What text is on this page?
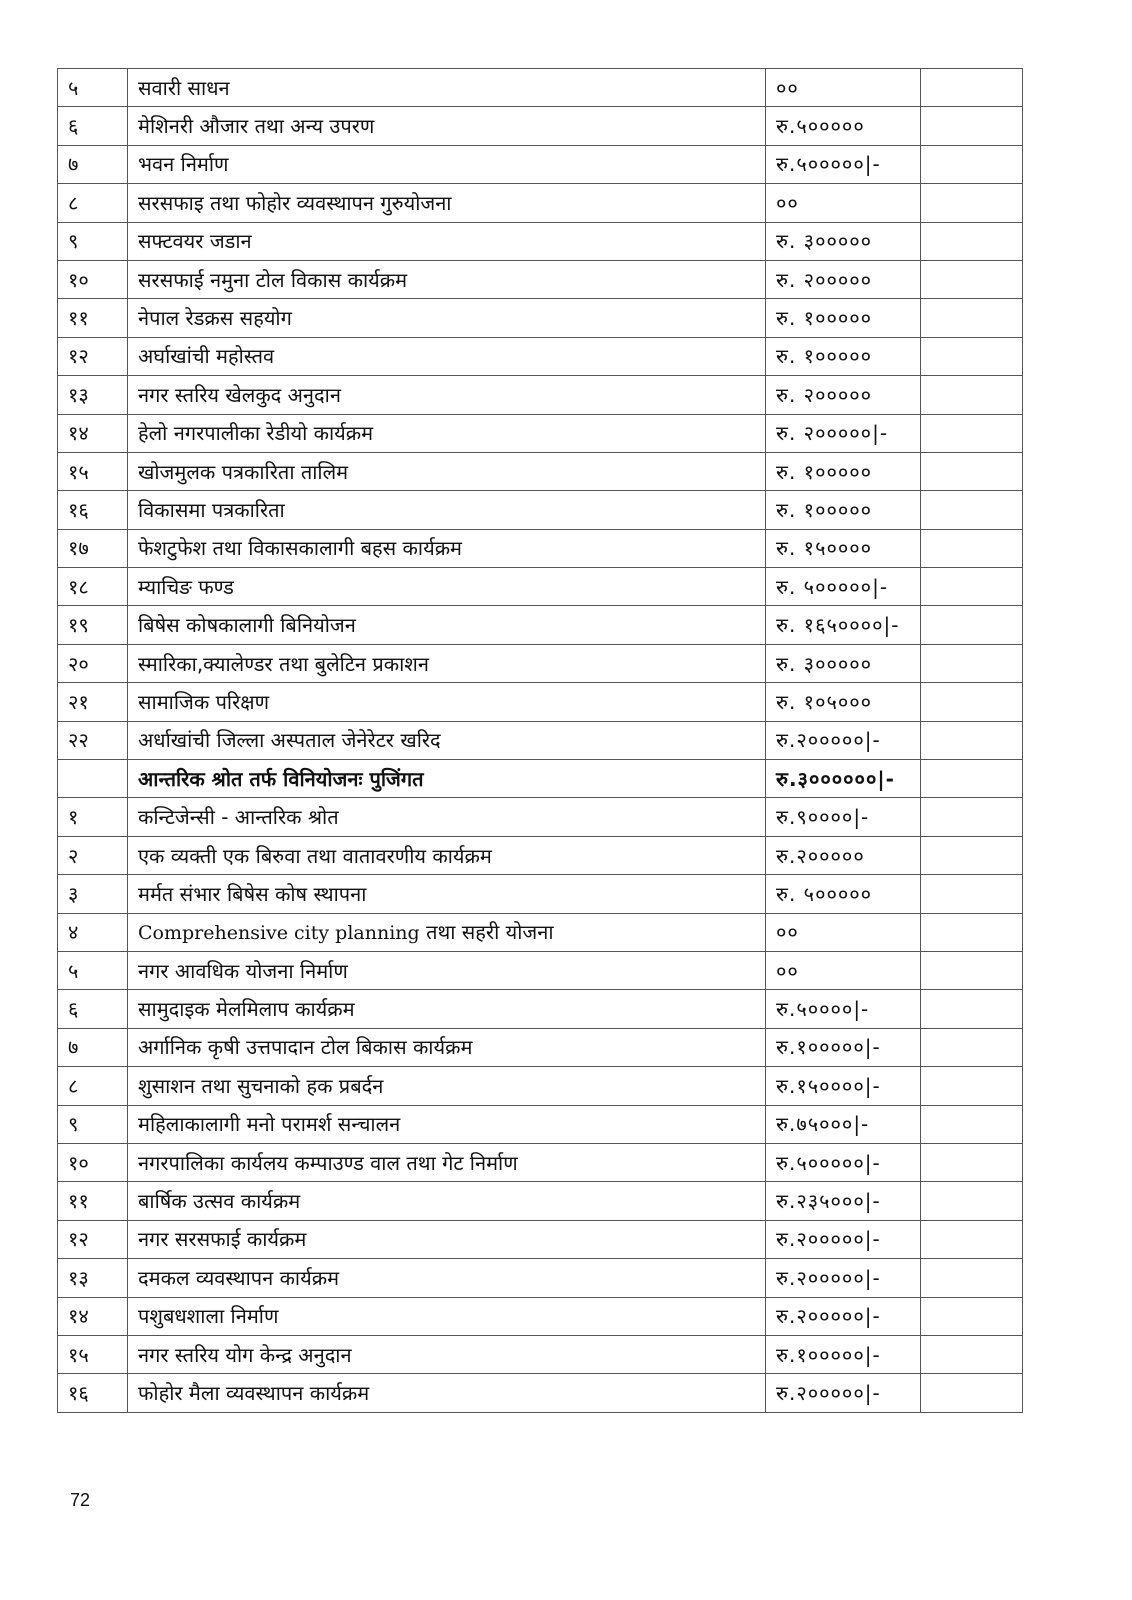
५	सवारी साधन	००	
६	मेशिनरी औजार तथा अन्य उपरण	रु.५०००००	
७	भवन निर्माण	रु.५०००००|-	
८	सरसफाइ तथा फोहोर व्यवस्थापन गुरुयोजना	००	
९	सफ्टवयर जडान	रु. ३०००००	
१०	सरसफाई नमुना टोल विकास कार्यक्रम	रु. २०००००	
११	नेपाल रेडक्रस सहयोग	रु. १०००००	
१२	अर्घाखांची महोस्तव	रु. १०००००	
१३	नगर स्तरिय खेलकुद अनुदान	रु. २०००००	
१४	हेलो नगरपालीका रेडीयो कार्यक्रम	रु. २०००००|-	
१५	खोजमुलक पत्रकारिता तालिम	रु. १०००००	
१६	विकासमा पत्रकारिता	रु. १०००००	
१७	फेशटुफेश तथा विकासकालागी बहस कार्यक्रम	रु. १५००००	
१८	म्याचिङ फण्ड	रु. ५०००००|-	
१९	बिषेस कोषकालागी बिनियोजन	रु. १६५००००|-	
२०	स्मारिका,क्यालेण्डर तथा बुलेटिन प्रकाशन	रु. ३०००००	
२१	सामाजिक परिक्षण	रु. १०५०००	
२२	अर्धाखांची जिल्ला अस्पताल जेनेरेटर खरिद	रु.२०००००|-	
	आन्तरिक श्रोत तर्फ विनियोजनः पुजिंगत	रु.३००००००|-	
१	कन्टिजेन्सी - आन्तरिक श्रोत	रु.९००००|-	
२	एक व्यक्ती एक बिरुवा तथा वातावरणीय कार्यक्रम	रु.२०००००	
३	मर्मत संभार बिषेस कोष स्थापना	रु. ५०००००	
४	Comprehensive city planning तथा सहरी योजना	००	
५	नगर आवधिक योजना निर्माण	००	
६	सामुदाइक मेलमिलाप कार्यक्रम	रु.५००००|-	
७	अर्गानिक कृषी उत्तपादान टोल बिकास कार्यक्रम	रु.१०००००|-	
८	शुसाशन तथा सुचनाको हक प्रबर्दन	रु.१५००००|-	
९	महिलाकालागी मनो परामर्श सन्चालन	रु.७५०००|-	
१०	नगरपालिका कार्यलय कम्पाउण्ड वाल तथा गेट निर्माण	रु.५०००००|-	
११	बार्षिक उत्सव कार्यक्रम	रु.२३५०००|-	
१२	नगर सरसफाई कार्यक्रम	रु.२०००००|-	
१३	दमकल व्यवस्थापन कार्यक्रम	रु.२०००००|-	
१४	पशुबधशाला निर्माण	रु.२०००००|-	
१५	नगर स्तरिय योग केन्द्र अनुदान	रु.१०००००|-	
१६	फोहोर मैला व्यवस्थापन कार्यक्रम	रु.२०००००|-	
72
